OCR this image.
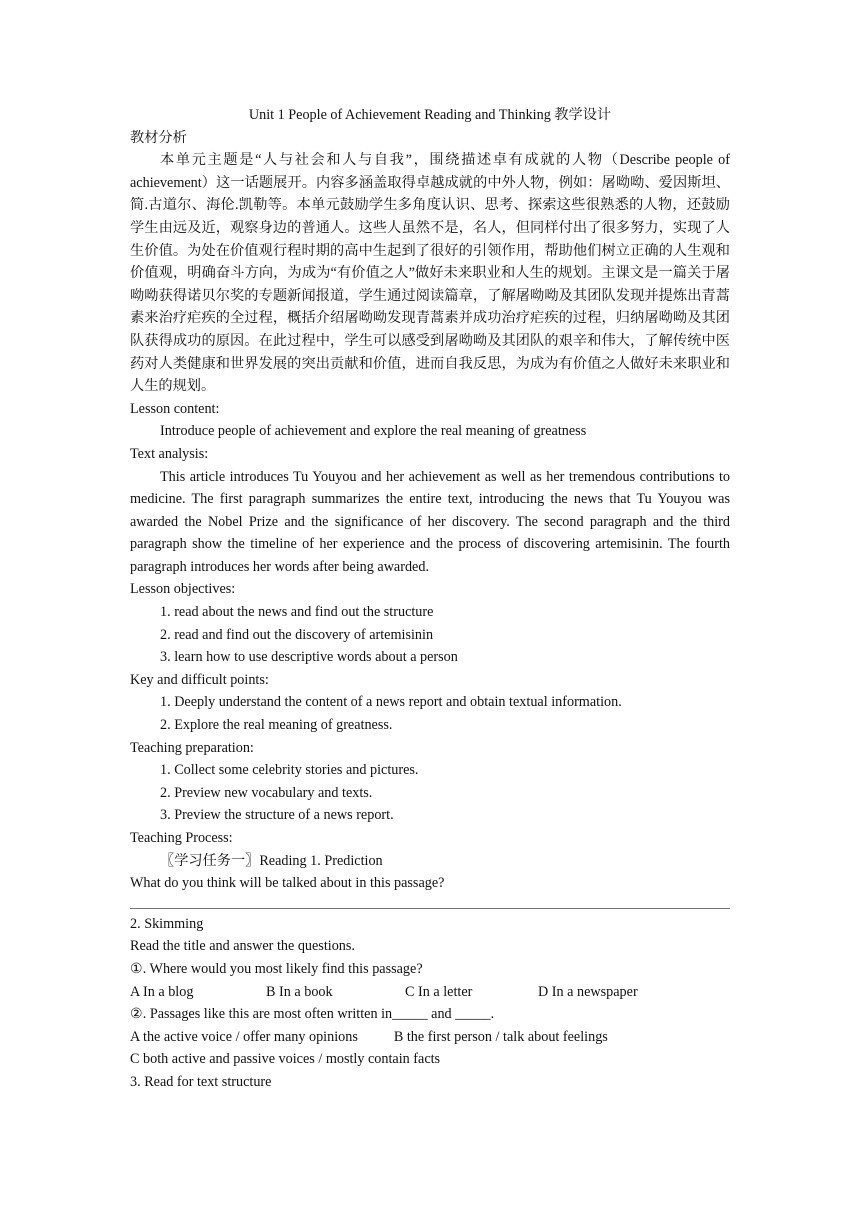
Unit 1 People of Achievement Reading and Thinking 教学设计

教材分析

本单元主题是“人与社会和人与自我”，围绕描述卓有成就的人物（Describe people of achievement）这一话题展开。内容多涵盖取得卓越成就的中外人物，例如：屠呦呦、爱因斯坦、简.古道尔、海伦.凯勒等。本单元鼓励学生多角度认识、思考、探索这些很熟悉的人物，还鼓励学生由远及近，观察身边的普通人。这些人虽然不是，名人，但同样付出了很多努力，实现了人生价值。为处在价值观行程时期的高中生起到了很好的引领作用，帮助他们树立正确的人生观和价值观，明确奋斗方向，为成为“有价值之人”做好未来职业和人生的规划。主课文是一篇关于屠呦呦获得诺贝尔奖的专题新闻报道，学生通过阅读篇章，了解屠呦呦及其团队发现并提炼出青蒿素来治疗疟疾的全过程，概括介绍屠呦呦发现青蒿素并成功治疗疟疾的过程，归纳屠呦呦及其团队获得成功的原因。在此过程中，学生可以感受到屠呦呦及其团队的艰辛和伟大，了解传统中医药对人类健康和世界发展的突出贡献和价值，进而自我反思，为成为有价值之人做好未来职业和人生的规划。

Lesson content:

Introduce people of achievement and explore the real meaning of greatness

Text analysis:

This article introduces Tu Youyou and her achievement as well as her tremendous contributions to medicine. The first paragraph summarizes the entire text, introducing the news that Tu Youyou was awarded the Nobel Prize and the significance of her discovery. The second paragraph and the third paragraph show the timeline of her experience and the process of discovering artemisinin. The fourth paragraph introduces her words after being awarded.

Lesson objectives:

1. read about the news and find out the structure

2. read and find out the discovery of artemisinin

3. learn how to use descriptive words about a person

Key and difficult points:

1. Deeply understand the content of a news report and obtain textual information.

2. Explore the real meaning of greatness.

Teaching preparation:

1. Collect some celebrity stories and pictures.

2. Preview new vocabulary and texts.

3. Preview the structure of a news report.

Teaching Process:

〖学习任务一〗Reading 1. Prediction

What do you think will be talked about in this passage?

2. Skimming

Read the title and answer the questions.

①. Where would you most likely find this passage?

A In a blog	B In a book	C In a letter	D In a newspaper

②. Passages like this are most often written in_____ and _____.

A the active voice / offer many opinions	B the first person / talk about feelings

C both active and passive voices / mostly contain facts

3. Read for text structure
